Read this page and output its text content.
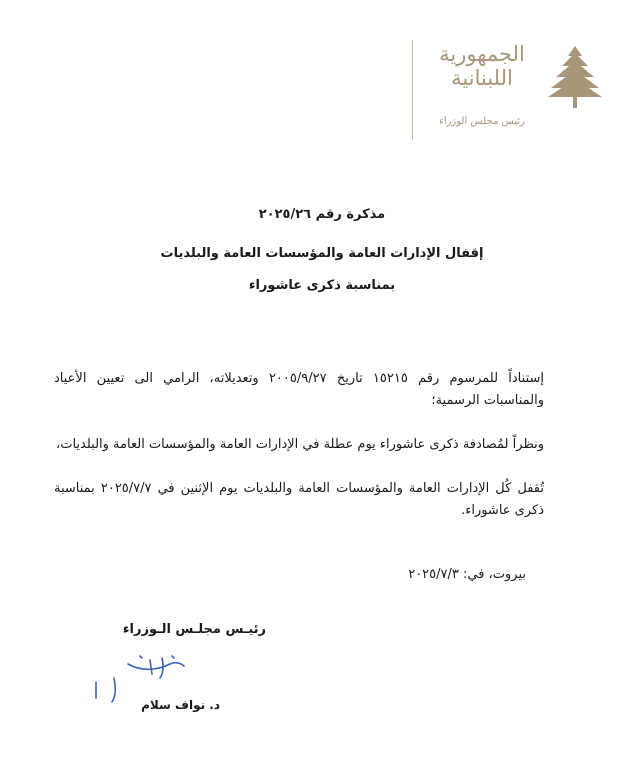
الجمهورية
اللبنانية
رئيس مجلس الوزراء
مذكرة رقم ٢٠٢٥/٢٦
إقفال الإدارات العامة والمؤسسات العامة والبلديات
بمناسبة ذكرى عاشوراء
إستناداً للمرسوم رقم ١٥٢١٥ تاريخ ٢٠٠٥/٩/٢٧ وتعديلاته، الرامي الى تعيين الأعياد والمناسبات الرسمية؛
ونظراً لمُصادفة ذكرى عاشوراء يوم عطلة في الإدارات العامة والمؤسسات العامة والبلديات،
تُقفل كُل الإدارات العامة والمؤسسات العامة والبلديات يوم الإثنين في ٢٠٢٥/٧/٧ بمناسبة ذكرى عاشوراء.
بيروت، في: ٢٠٢٥/٧/٣
رئيـس مجلـس الـوزراء
د. نواف سلام
